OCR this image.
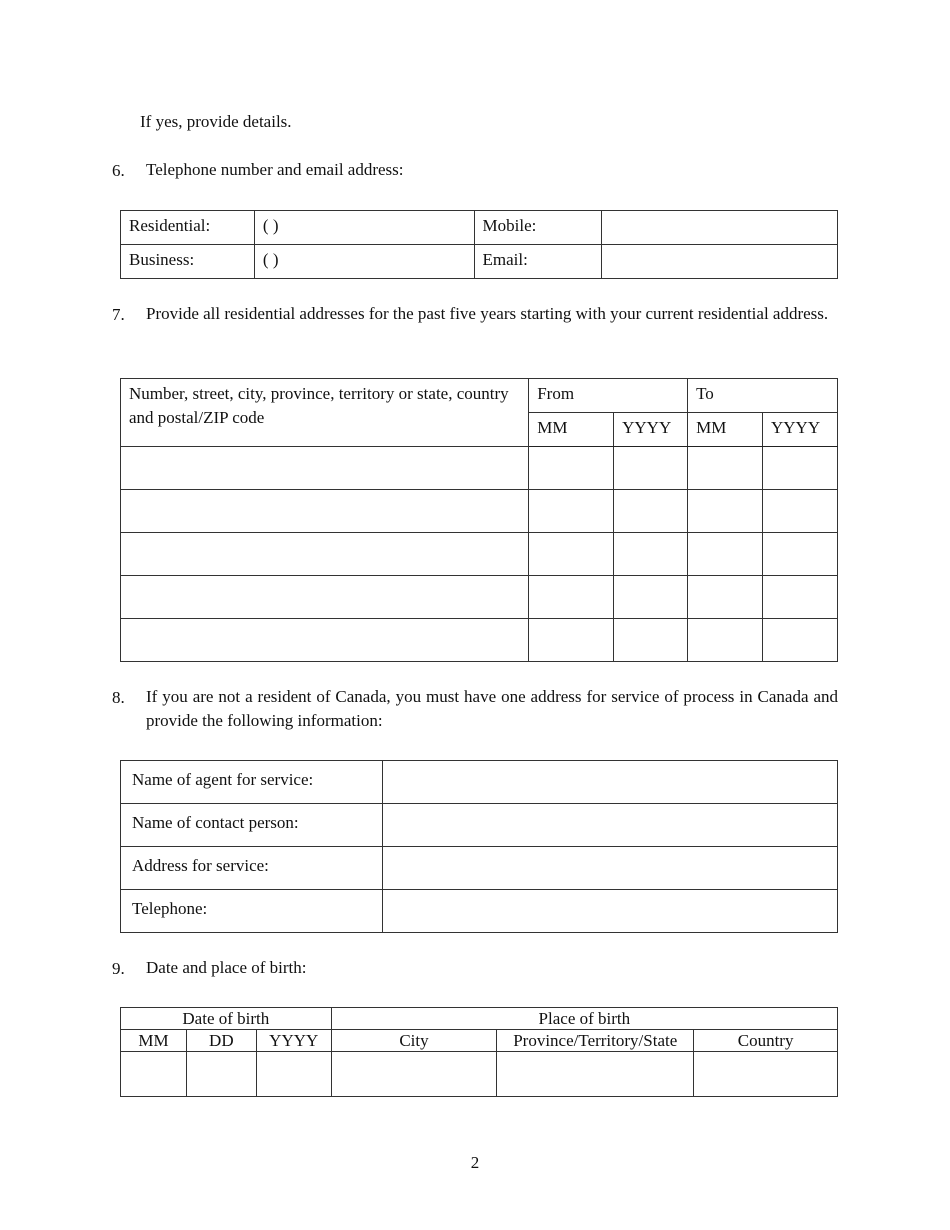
If yes, provide details.
6. Telephone number and email address:
Residential:	( )	Mobile:	
Business:	( )	Email:	
7. Provide all residential addresses for the past five years starting with your current residential address.
Number, street, city, province, territory or state, country and postal/ZIP code	From		To	
	MM	YYYY	MM	YYYY

8. If you are not a resident of Canada, you must have one address for service of process in Canada and provide the following information:
Name of agent for service:	
Name of contact person:	
Address for service:	
Telephone:	
9. Date and place of birth:
Date of birth			Place of birth		
MM	DD	YYYY	City	Province/Territory/State	Country

2
